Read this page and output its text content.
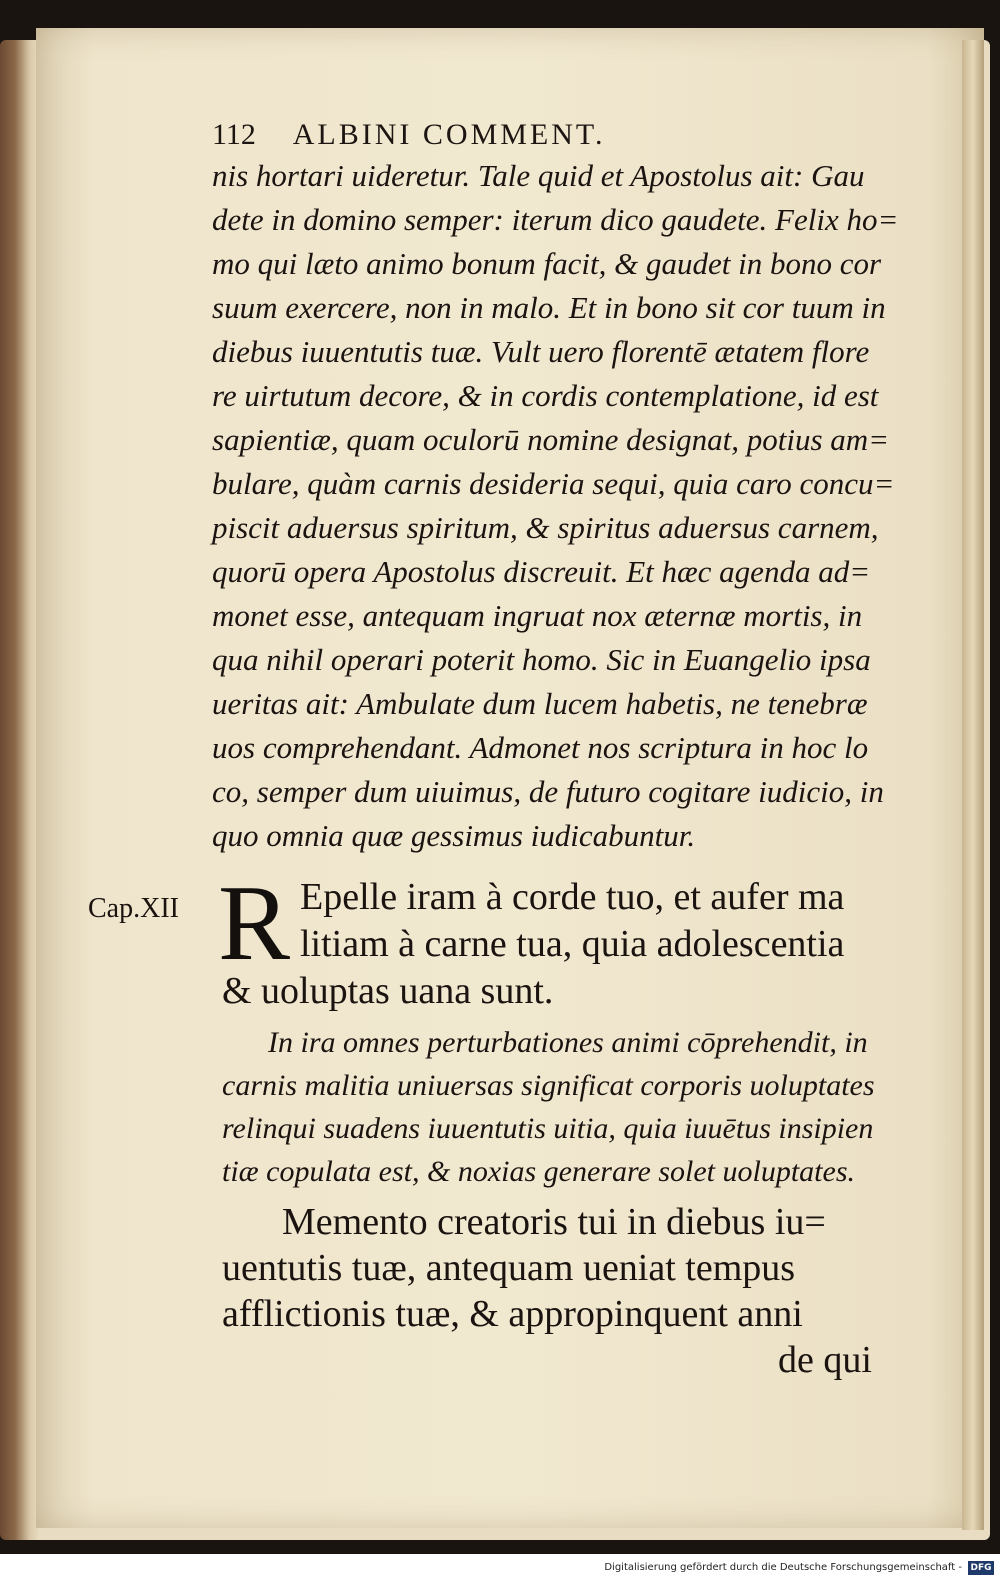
112 ALBINI COMMENT.
nis hortari uideretur. Tale quid et Apostolus ait: Gau
dete in domino semper: iterum dico gaudete. Felix ho=
mo qui læto animo bonum facit, & gaudet in bono cor
suum exercere, non in malo. Et in bono sit cor tuum in
diebus iuuentutis tuæ. Vult uero florentē ætatem flore
re uirtutum decore, & in cordis contemplatione, id est
sapientiæ, quam oculorū nomine designat, potius am=
bulare, quàm carnis desideria sequi, quia caro concu=
piscit aduersus spiritum, & spiritus aduersus carnem,
quorū opera Apostolus discreuit. Et hæc agenda ad=
monet esse, antequam ingruat nox æternæ mortis, in
qua nihil operari poterit homo. Sic in Euangelio ipsa
ueritas ait: Ambulate dum lucem habetis, ne tenebræ
uos comprehendant. Admonet nos scriptura in hoc lo
co, semper dum uiuimus, de futuro cogitare iudicio, in
quo omnia quæ gessimus iudicabuntur.
Cap.XII R Epelle iram à corde tuo, et aufer ma
litiam à carne tua, quia adolescentia
& uoluptas uana sunt.
In ira omnes perturbationes animi cōprehendit, in
carnis malitia uniuersas significat corporis uoluptates
relinqui suadens iuuentutis uitia, quia iuuētus insipien
tiæ copulata est, & noxias generare solet uoluptates.
Memento creatoris tui in diebus iu=
uentutis tuæ, antequam ueniat tempus
afflictionis tuæ, & appropinquent anni
de qui
Digitalisierung gefördert durch die Deutsche Forschungsgemeinschaft - DFG
